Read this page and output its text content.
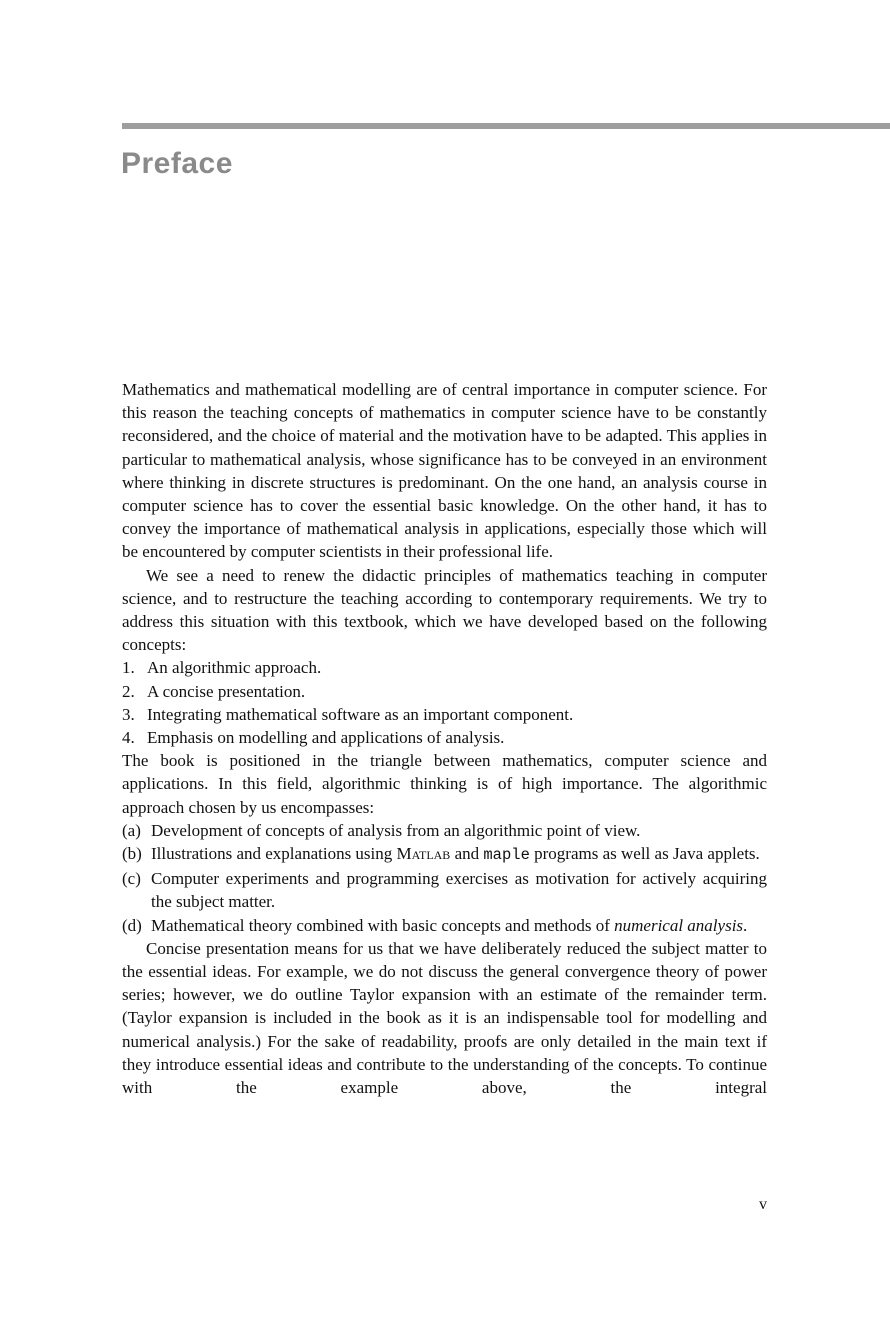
Preface

Mathematics and mathematical modelling are of central importance in computer science. For this reason the teaching concepts of mathematics in computer science have to be constantly reconsidered, and the choice of material and the motivation have to be adapted. This applies in particular to mathematical analysis, whose significance has to be conveyed in an environment where thinking in discrete structures is predominant. On the one hand, an analysis course in computer science has to cover the essential basic knowledge. On the other hand, it has to convey the importance of mathematical analysis in applications, especially those which will be encountered by computer scientists in their professional life.

We see a need to renew the didactic principles of mathematics teaching in computer science, and to restructure the teaching according to contemporary requirements. We try to address this situation with this textbook, which we have developed based on the following concepts:

1. An algorithmic approach.
2. A concise presentation.
3. Integrating mathematical software as an important component.
4. Emphasis on modelling and applications of analysis.

The book is positioned in the triangle between mathematics, computer science and applications. In this field, algorithmic thinking is of high importance. The algorithmic approach chosen by us encompasses:

(a) Development of concepts of analysis from an algorithmic point of view.
(b) Illustrations and explanations using Matlab and maple programs as well as Java applets.
(c) Computer experiments and programming exercises as motivation for actively acquiring the subject matter.
(d) Mathematical theory combined with basic concepts and methods of numerical analysis.

Concise presentation means for us that we have deliberately reduced the subject matter to the essential ideas. For example, we do not discuss the general convergence theory of power series; however, we do outline Taylor expansion with an estimate of the remainder term. (Taylor expansion is included in the book as it is an indispensable tool for modelling and numerical analysis.) For the sake of readability, proofs are only detailed in the main text if they introduce essential ideas and contribute to the understanding of the concepts. To continue with the example above, the integral

v
